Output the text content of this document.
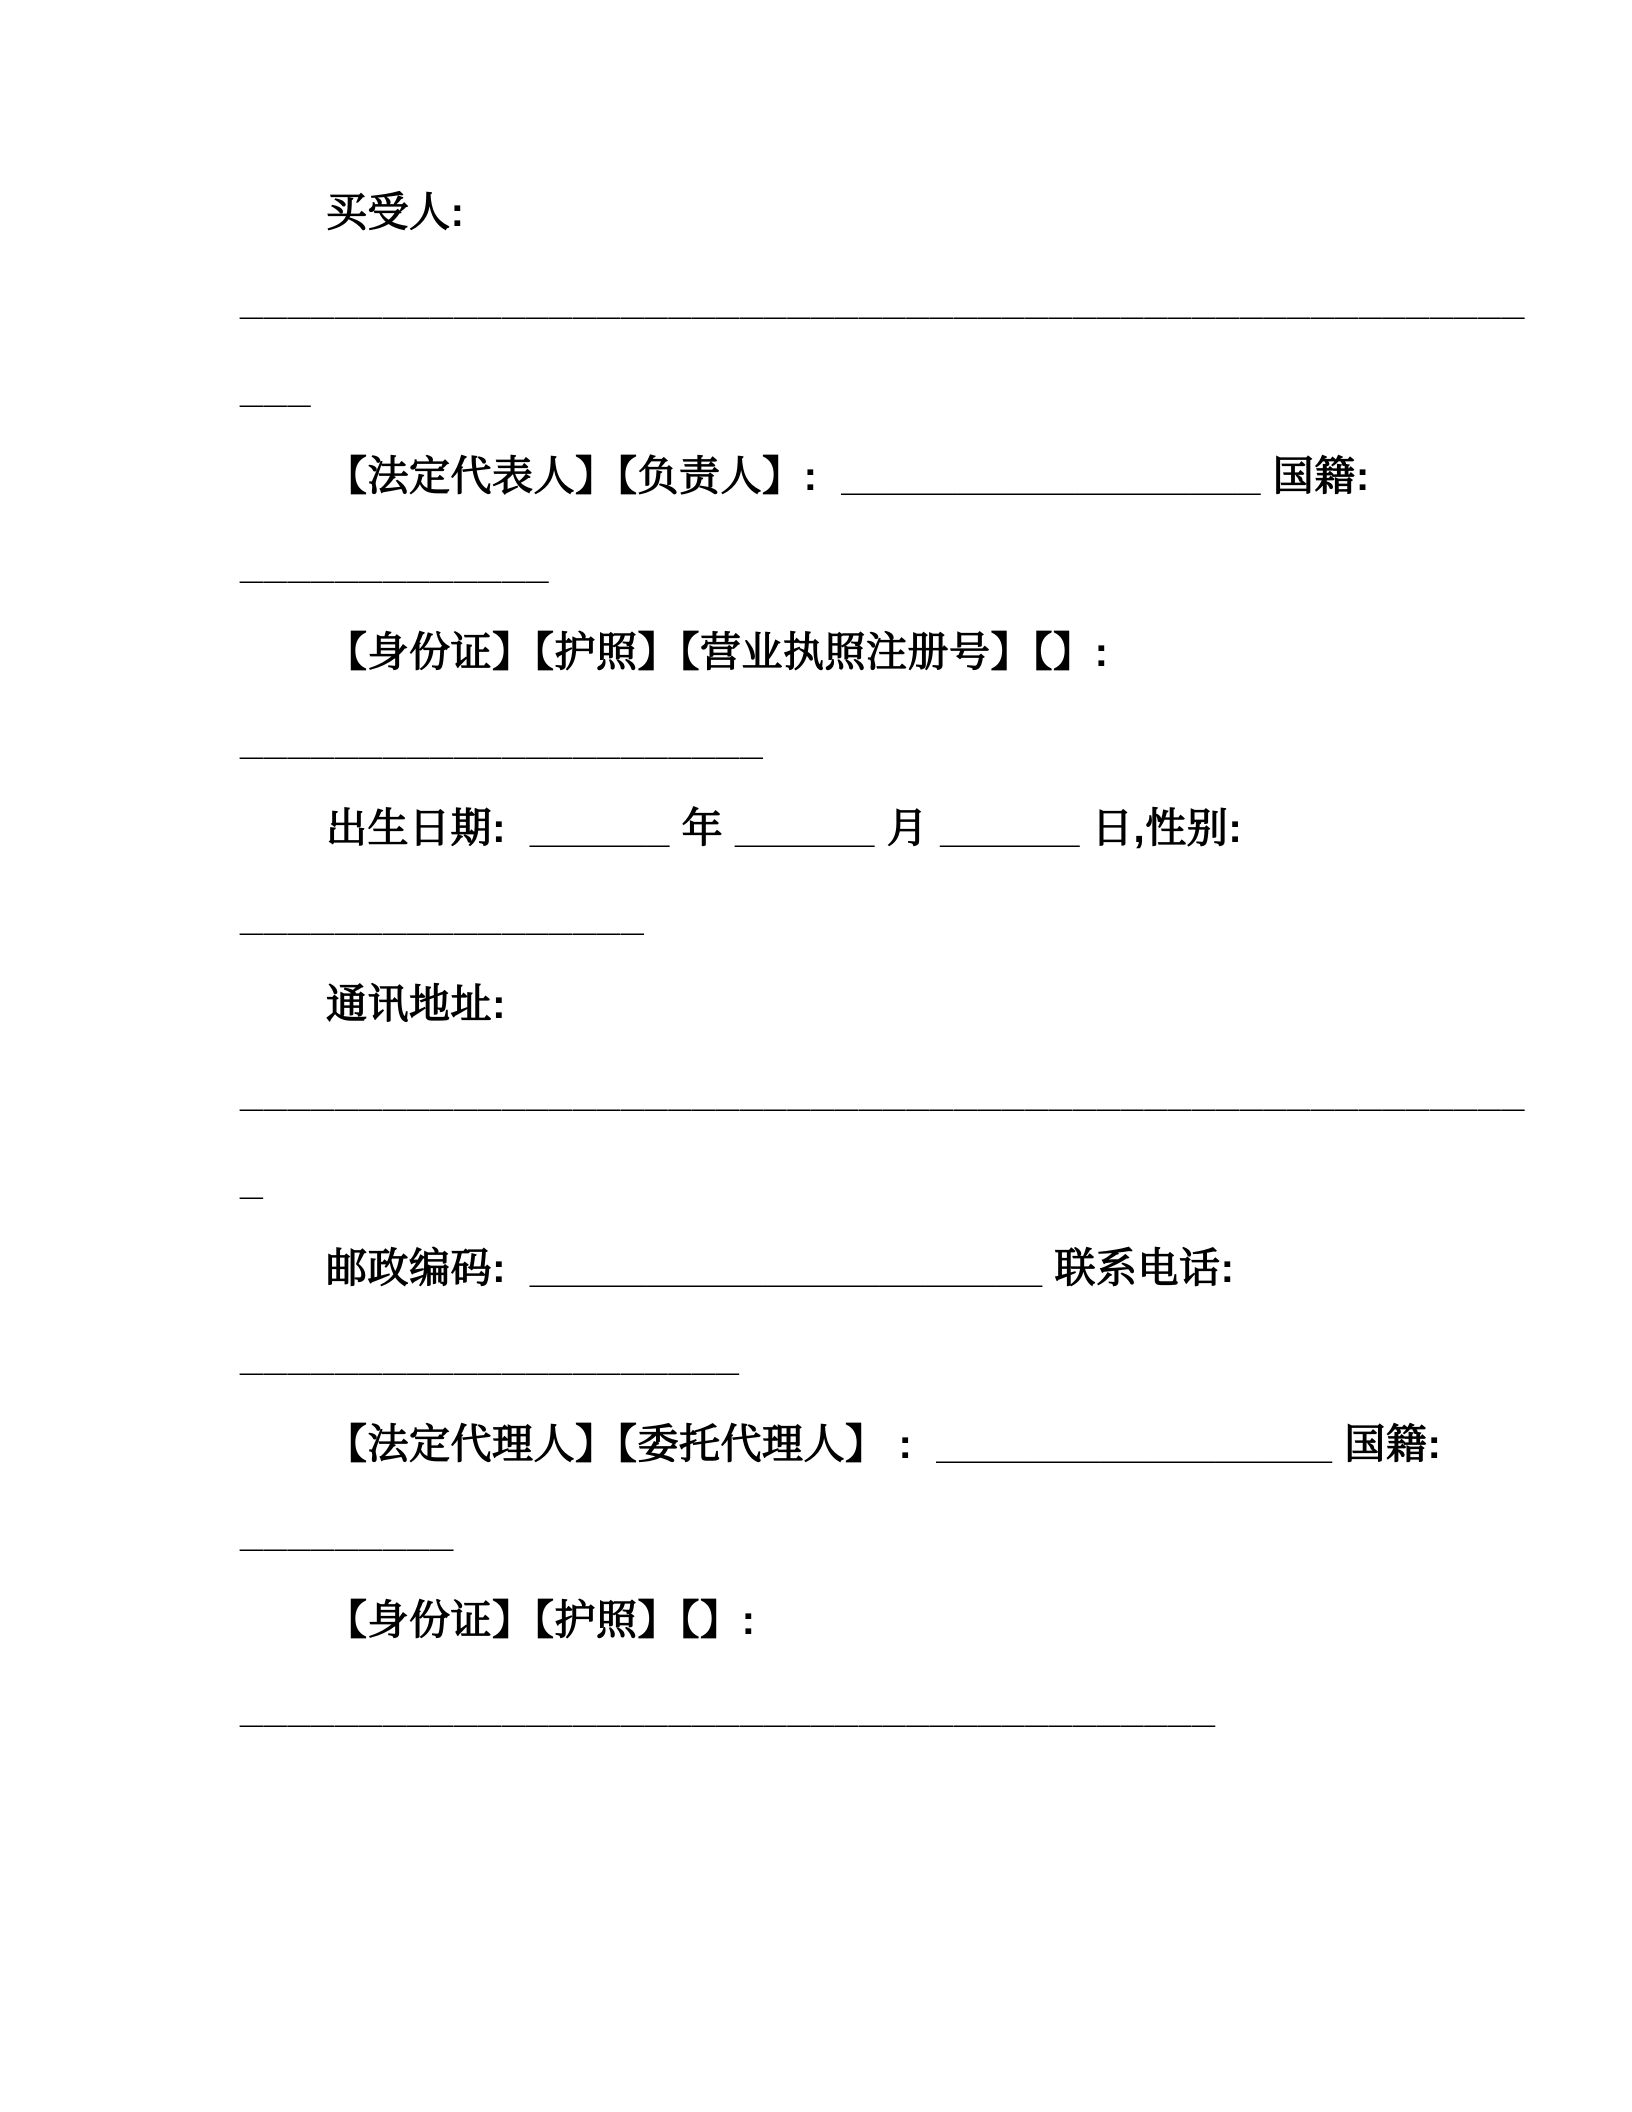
买受人:
______________________________________________________
___
【法定代表人】【负责人】:  __________________ 国籍:
_____________
【身份证】【护照】【营业执照注册号】【】:
______________________
出生日期:  ______ 年 ______ 月 ______ 日,性别:
_________________
通讯地址:
______________________________________________________
_
邮政编码:  ______________________ 联系电话:
_____________________
【法定代理人】【委托代理人】 :  _________________ 国籍:
_________
【身份证】【护照】【】:
_________________________________________
